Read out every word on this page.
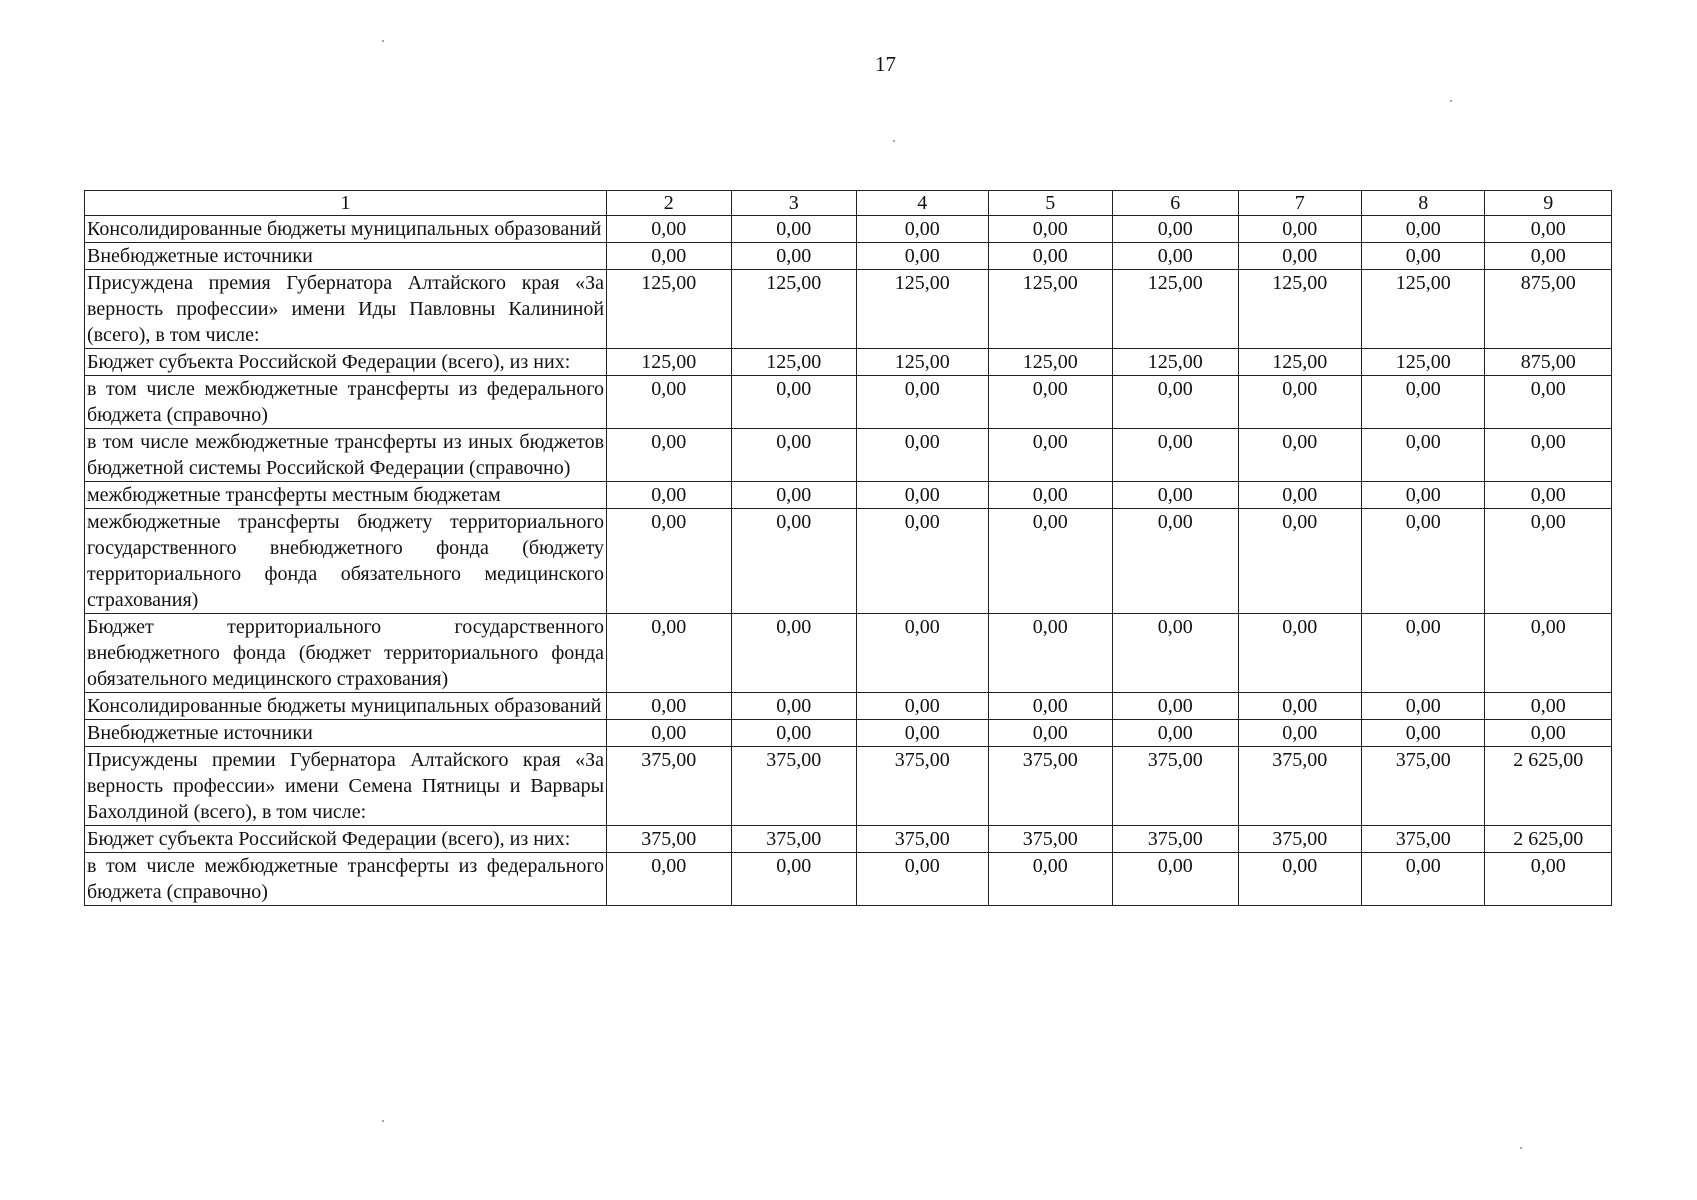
17
1	2	3	4	5	6	7	8	9
Консолидированные бюджеты муниципальных образований	0,00	0,00	0,00	0,00	0,00	0,00	0,00	0,00
Внебюджетные источники	0,00	0,00	0,00	0,00	0,00	0,00	0,00	0,00
Присуждена премия Губернатора Алтайского края «За верность профессии» имени Иды Павловны Калининой (всего), в том числе:	125,00	125,00	125,00	125,00	125,00	125,00	125,00	875,00
Бюджет субъекта Российской Федерации (всего), из них:	125,00	125,00	125,00	125,00	125,00	125,00	125,00	875,00
в том числе межбюджетные трансферты из федерального бюджета (справочно)	0,00	0,00	0,00	0,00	0,00	0,00	0,00	0,00
в том числе межбюджетные трансферты из иных бюджетов бюджетной системы Российской Федерации (справочно)	0,00	0,00	0,00	0,00	0,00	0,00	0,00	0,00
межбюджетные трансферты местным бюджетам	0,00	0,00	0,00	0,00	0,00	0,00	0,00	0,00
межбюджетные трансферты бюджету территориального государственного внебюджетного фонда (бюджету территориального фонда обязательного медицинского страхования)	0,00	0,00	0,00	0,00	0,00	0,00	0,00	0,00
Бюджет территориального государственного внебюджетного фонда (бюджет территориального фонда обязательного медицинского страхования)	0,00	0,00	0,00	0,00	0,00	0,00	0,00	0,00
Консолидированные бюджеты муниципальных образований	0,00	0,00	0,00	0,00	0,00	0,00	0,00	0,00
Внебюджетные источники	0,00	0,00	0,00	0,00	0,00	0,00	0,00	0,00
Присуждены премии Губернатора Алтайского края «За верность профессии» имени Семена Пятницы и Варвары Бахолдиной (всего), в том числе:	375,00	375,00	375,00	375,00	375,00	375,00	375,00	2 625,00
Бюджет субъекта Российской Федерации (всего), из них:	375,00	375,00	375,00	375,00	375,00	375,00	375,00	2 625,00
в том числе межбюджетные трансферты из федерального бюджета (справочно)	0,00	0,00	0,00	0,00	0,00	0,00	0,00	0,00
